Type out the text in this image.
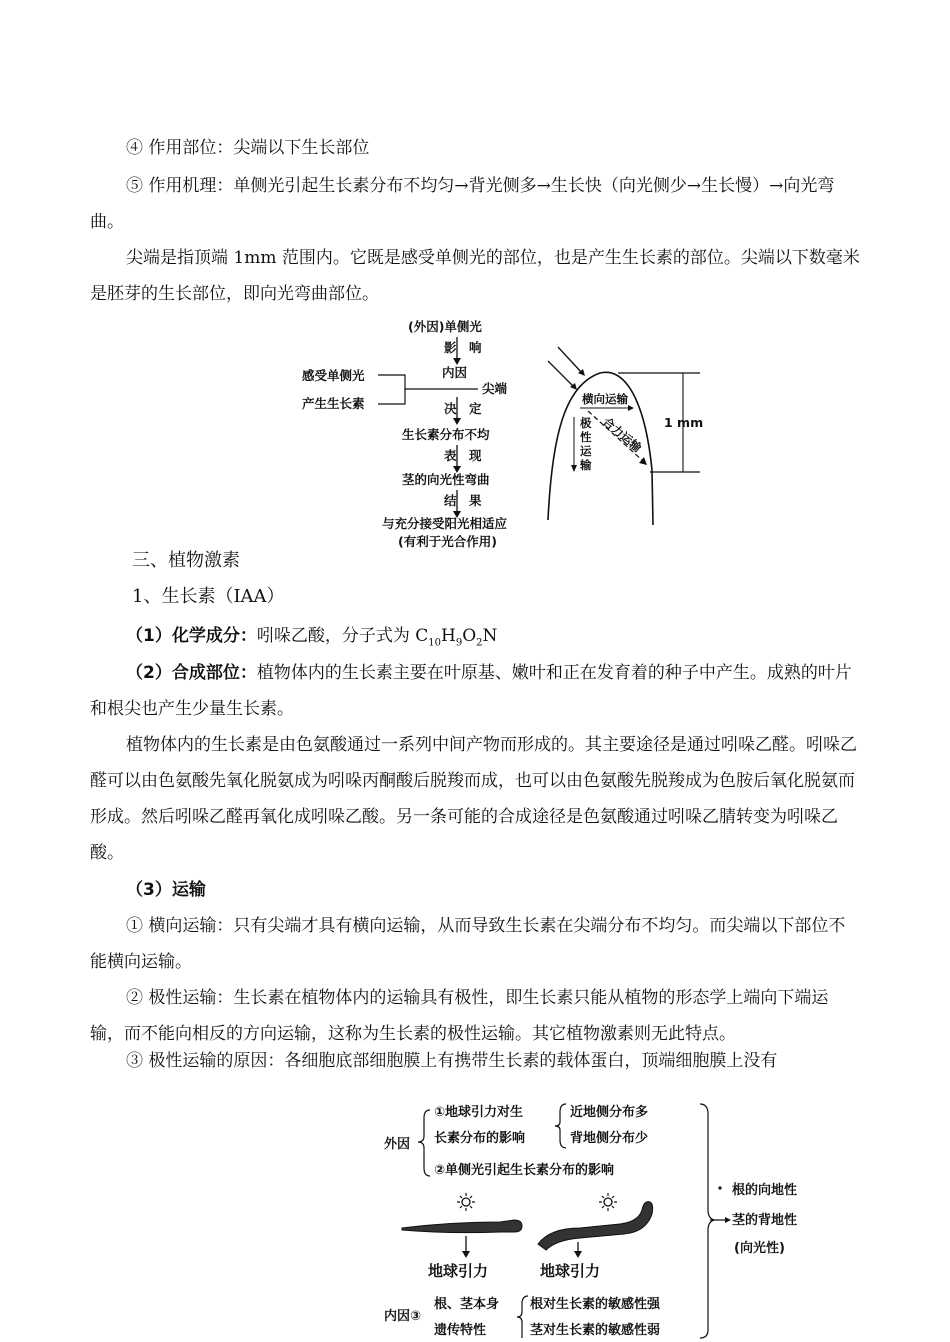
④ 作用部位：尖端以下生长部位

⑤ 作用机理：单侧光引起生长素分布不均匀→背光侧多→生长快（向光侧少→生长慢）→向光弯曲。

尖端是指顶端 1mm 范围内。它既是感受单侧光的部位，也是产生生长素的部位。尖端以下数毫米是胚芽的生长部位，即向光弯曲部位。

(外因)单侧光
影　响
内因
感受单侧光
产生生长素
尖端
决　定
生长素分布不均
表　现
茎的向光性弯曲
结　果
与充分接受阳光相适应
(有利于光合作用)
1 mm
横向运输
合力运输
极
性
运
输

三、植物激素

1、生长素（IAA）

（1）化学成分：吲哚乙酸，分子式为 $C_{10}H_9O_2N$

（2）合成部位：植物体内的生长素主要在叶原基、嫩叶和正在发育着的种子中产生。成熟的叶片和根尖也产生少量生长素。

植物体内的生长素是由色氨酸通过一系列中间产物而形成的。其主要途径是通过吲哚乙醛。吲哚乙醛可以由色氨酸先氧化脱氨成为吲哚丙酮酸后脱羧而成，也可以由色氨酸先脱羧成为色胺后氧化脱氨而形成。然后吲哚乙醛再氧化成吲哚乙酸。另一条可能的合成途径是色氨酸通过吲哚乙腈转变为吲哚乙酸。

（3）运输

① 横向运输：只有尖端才具有横向运输，从而导致生长素在尖端分布不均匀。而尖端以下部位不能横向运输。

② 极性运输：生长素在植物体内的运输具有极性，即生长素只能从植物的形态学上端向下端运输，而不能向相反的方向运输，这称为生长素的极性运输。其它植物激素则无此特点。

③ 极性运输的原因：各细胞底部细胞膜上有携带生长素的载体蛋白，顶端细胞膜上没有

外因
①地球引力对生
长素分布的影响
近地侧分布多
背地侧分布少
②单侧光引起生长素分布的影响
根的向地性
茎的背地性
(向光性)
地球引力	地球引力
内因③
根、茎本身
遗传特性
根对生长素的敏感性强
茎对生长素的敏感性弱
